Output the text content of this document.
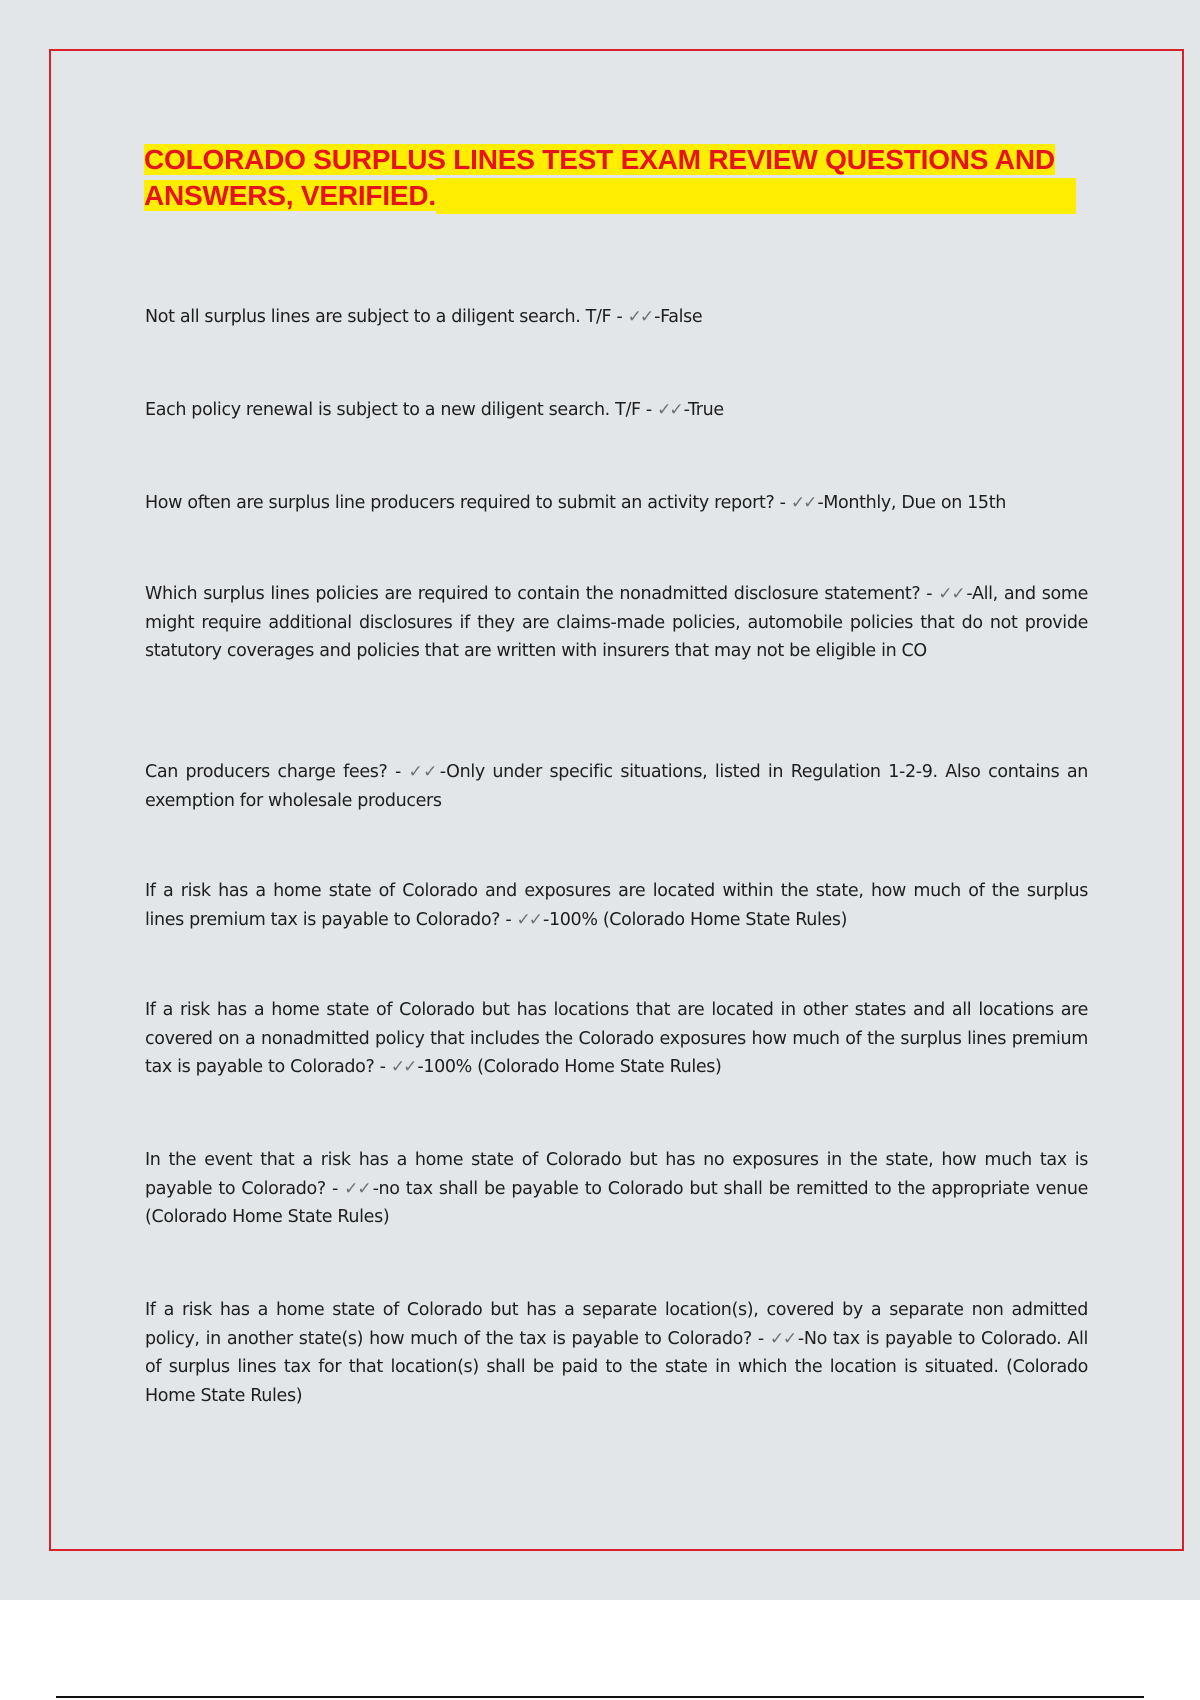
COLORADO SURPLUS LINES TEST EXAM REVIEW QUESTIONS AND
ANSWERS, VERIFIED.

Not all surplus lines are subject to a diligent search. T/F - ✓✓ -False

Each policy renewal is subject to a new diligent search. T/F - ✓✓ -True

How often are surplus line producers required to submit an activity report? - ✓✓ -Monthly, Due on 15th

Which surplus lines policies are required to contain the nonadmitted disclosure statement? - ✓✓ -All, and some might require additional disclosures if they are claims-made policies, automobile policies that do not provide statutory coverages and policies that are written with insurers that may not be eligible in CO

Can producers charge fees? - ✓✓ -Only under specific situations, listed in Regulation 1-2-9. Also contains an exemption for wholesale producers

If a risk has a home state of Colorado and exposures are located within the state, how much of the surplus lines premium tax is payable to Colorado? - ✓✓ -100% (Colorado Home State Rules)

If a risk has a home state of Colorado but has locations that are located in other states and all locations are covered on a nonadmitted policy that includes the Colorado exposures how much of the surplus lines premium tax is payable to Colorado? - ✓✓ -100% (Colorado Home State Rules)

In the event that a risk has a home state of Colorado but has no exposures in the state, how much tax is payable to Colorado? - ✓✓ -no tax shall be payable to Colorado but shall be remitted to the appropriate venue (Colorado Home State Rules)

If a risk has a home state of Colorado but has a separate location(s), covered by a separate non admitted policy, in another state(s) how much of the tax is payable to Colorado? - ✓✓ -No tax is payable to Colorado. All of surplus lines tax for that location(s) shall be paid to the state in which the location is situated. (Colorado Home State Rules)
